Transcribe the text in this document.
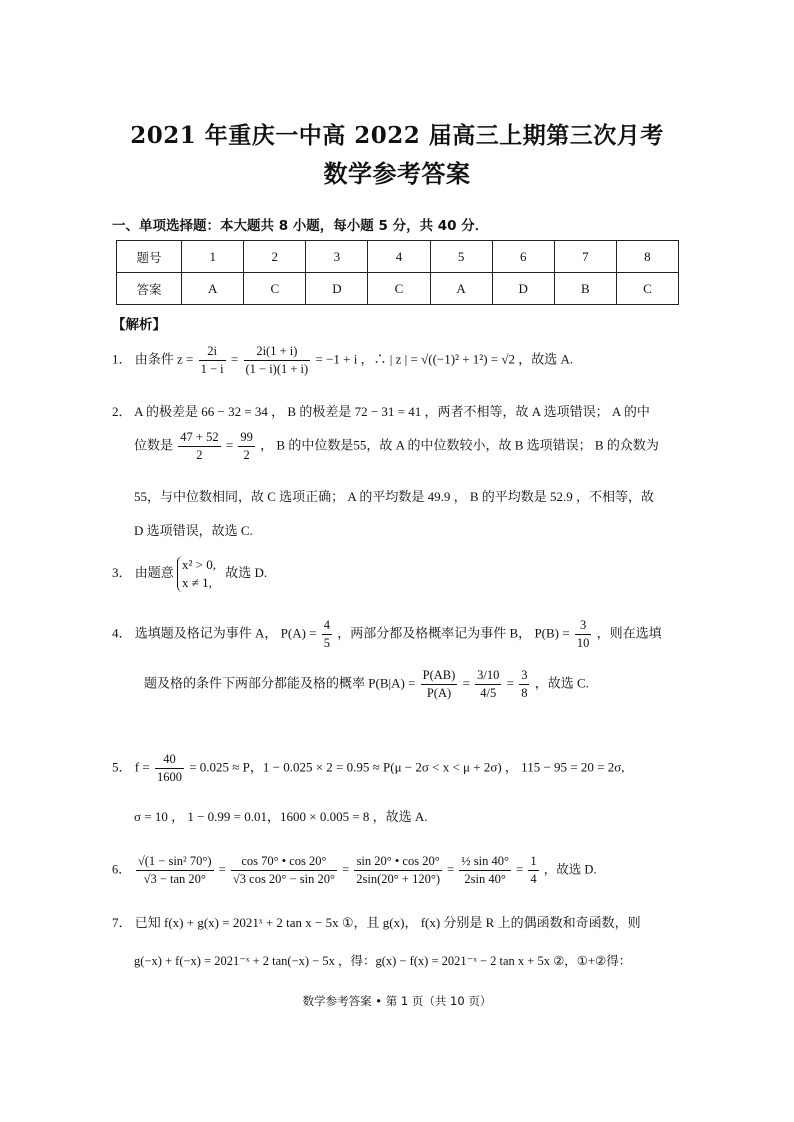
2021 年重庆一中高 2022 届高三上期第三次月考
数学参考答案
一、单项选择题：本大题共 8 小题，每小题 5 分，共 40 分．
题号	1	2	3	4	5	6	7	8
答案	A	C	D	C	A	D	B	C
【解析】
1． 由条件 $z = \frac{2i}{1 - i} = \frac{2i(1 + i)}{(1 - i)(1 + i)} = -1 + i$ ，∴ | z | = √((−1)² + 1²) = √2 ，故选 A.
2． A 的极差是 66 − 32 = 34 ， B 的极差是 72 − 31 = 41 ，两者不相等，故 A 选项错误； A 的中
位数是 $\frac{47 + 52}{2} = \frac{99}{2}$ ， B 的中位数是55，故 A 的中位数较小，故 B 选项错误； B 的众数为
55，与中位数相同，故 C 选项正确； A 的平均数是 49.9 ， B 的平均数是 52.9 ，不相等，故
D 选项错误，故选 C.
3． 由题意 x² > 0,
x ≠ 1, 故选 D.
4． 选填题及格记为事件 A， $P(A) = \frac{4}{5}$ ，两部分都及格概率记为事件 B， $P(B) = \frac{3}{10}$ ，则在选填
题及格的条件下两部分都能及格的概率 $P(B|A) = \frac{P(AB)}{P(A)} = \frac{3/10}{4/5} = \frac{3}{8}$ ，故选 C.
5． $f = \frac{40}{1600} = 0.025 \approx P$，1 − 0.025 × 2 = 0.95 ≈ P(μ − 2σ < x < μ + 2σ) ， 115 − 95 = 20 = 2σ,
σ = 10 ， 1 − 0.99 = 0.01，1600 × 0.005 = 8 ，故选 A.
6． $\frac{\text{√(1 − sin² 70°)}}{√3 - \tan 20^\circ} = \frac{\cos 70^\circ • \cos 20^\circ}{√3 \cos 20^\circ - \sin 20^\circ} = \frac{\sin 20^\circ • \cos 20^\circ}{2\sin(20^\circ + 120^\circ)} = \frac{\text{½ sin 40°}}{2\sin 40^\circ} = \frac{1}{4}$ ，故选 D.
7． 已知 f(x) + g(x) = 2021ˣ + 2 tan x − 5x ①，且 g(x)， f(x) 分别是 R 上的偶函数和奇函数，则
g(−x) + f(−x) = 2021⁻ˣ + 2 tan(−x) − 5x ，得：g(x) − f(x) = 2021⁻ˣ − 2 tan x + 5x ②，①+②得：
数学参考答案 • 第 1 页（共 10 页）
